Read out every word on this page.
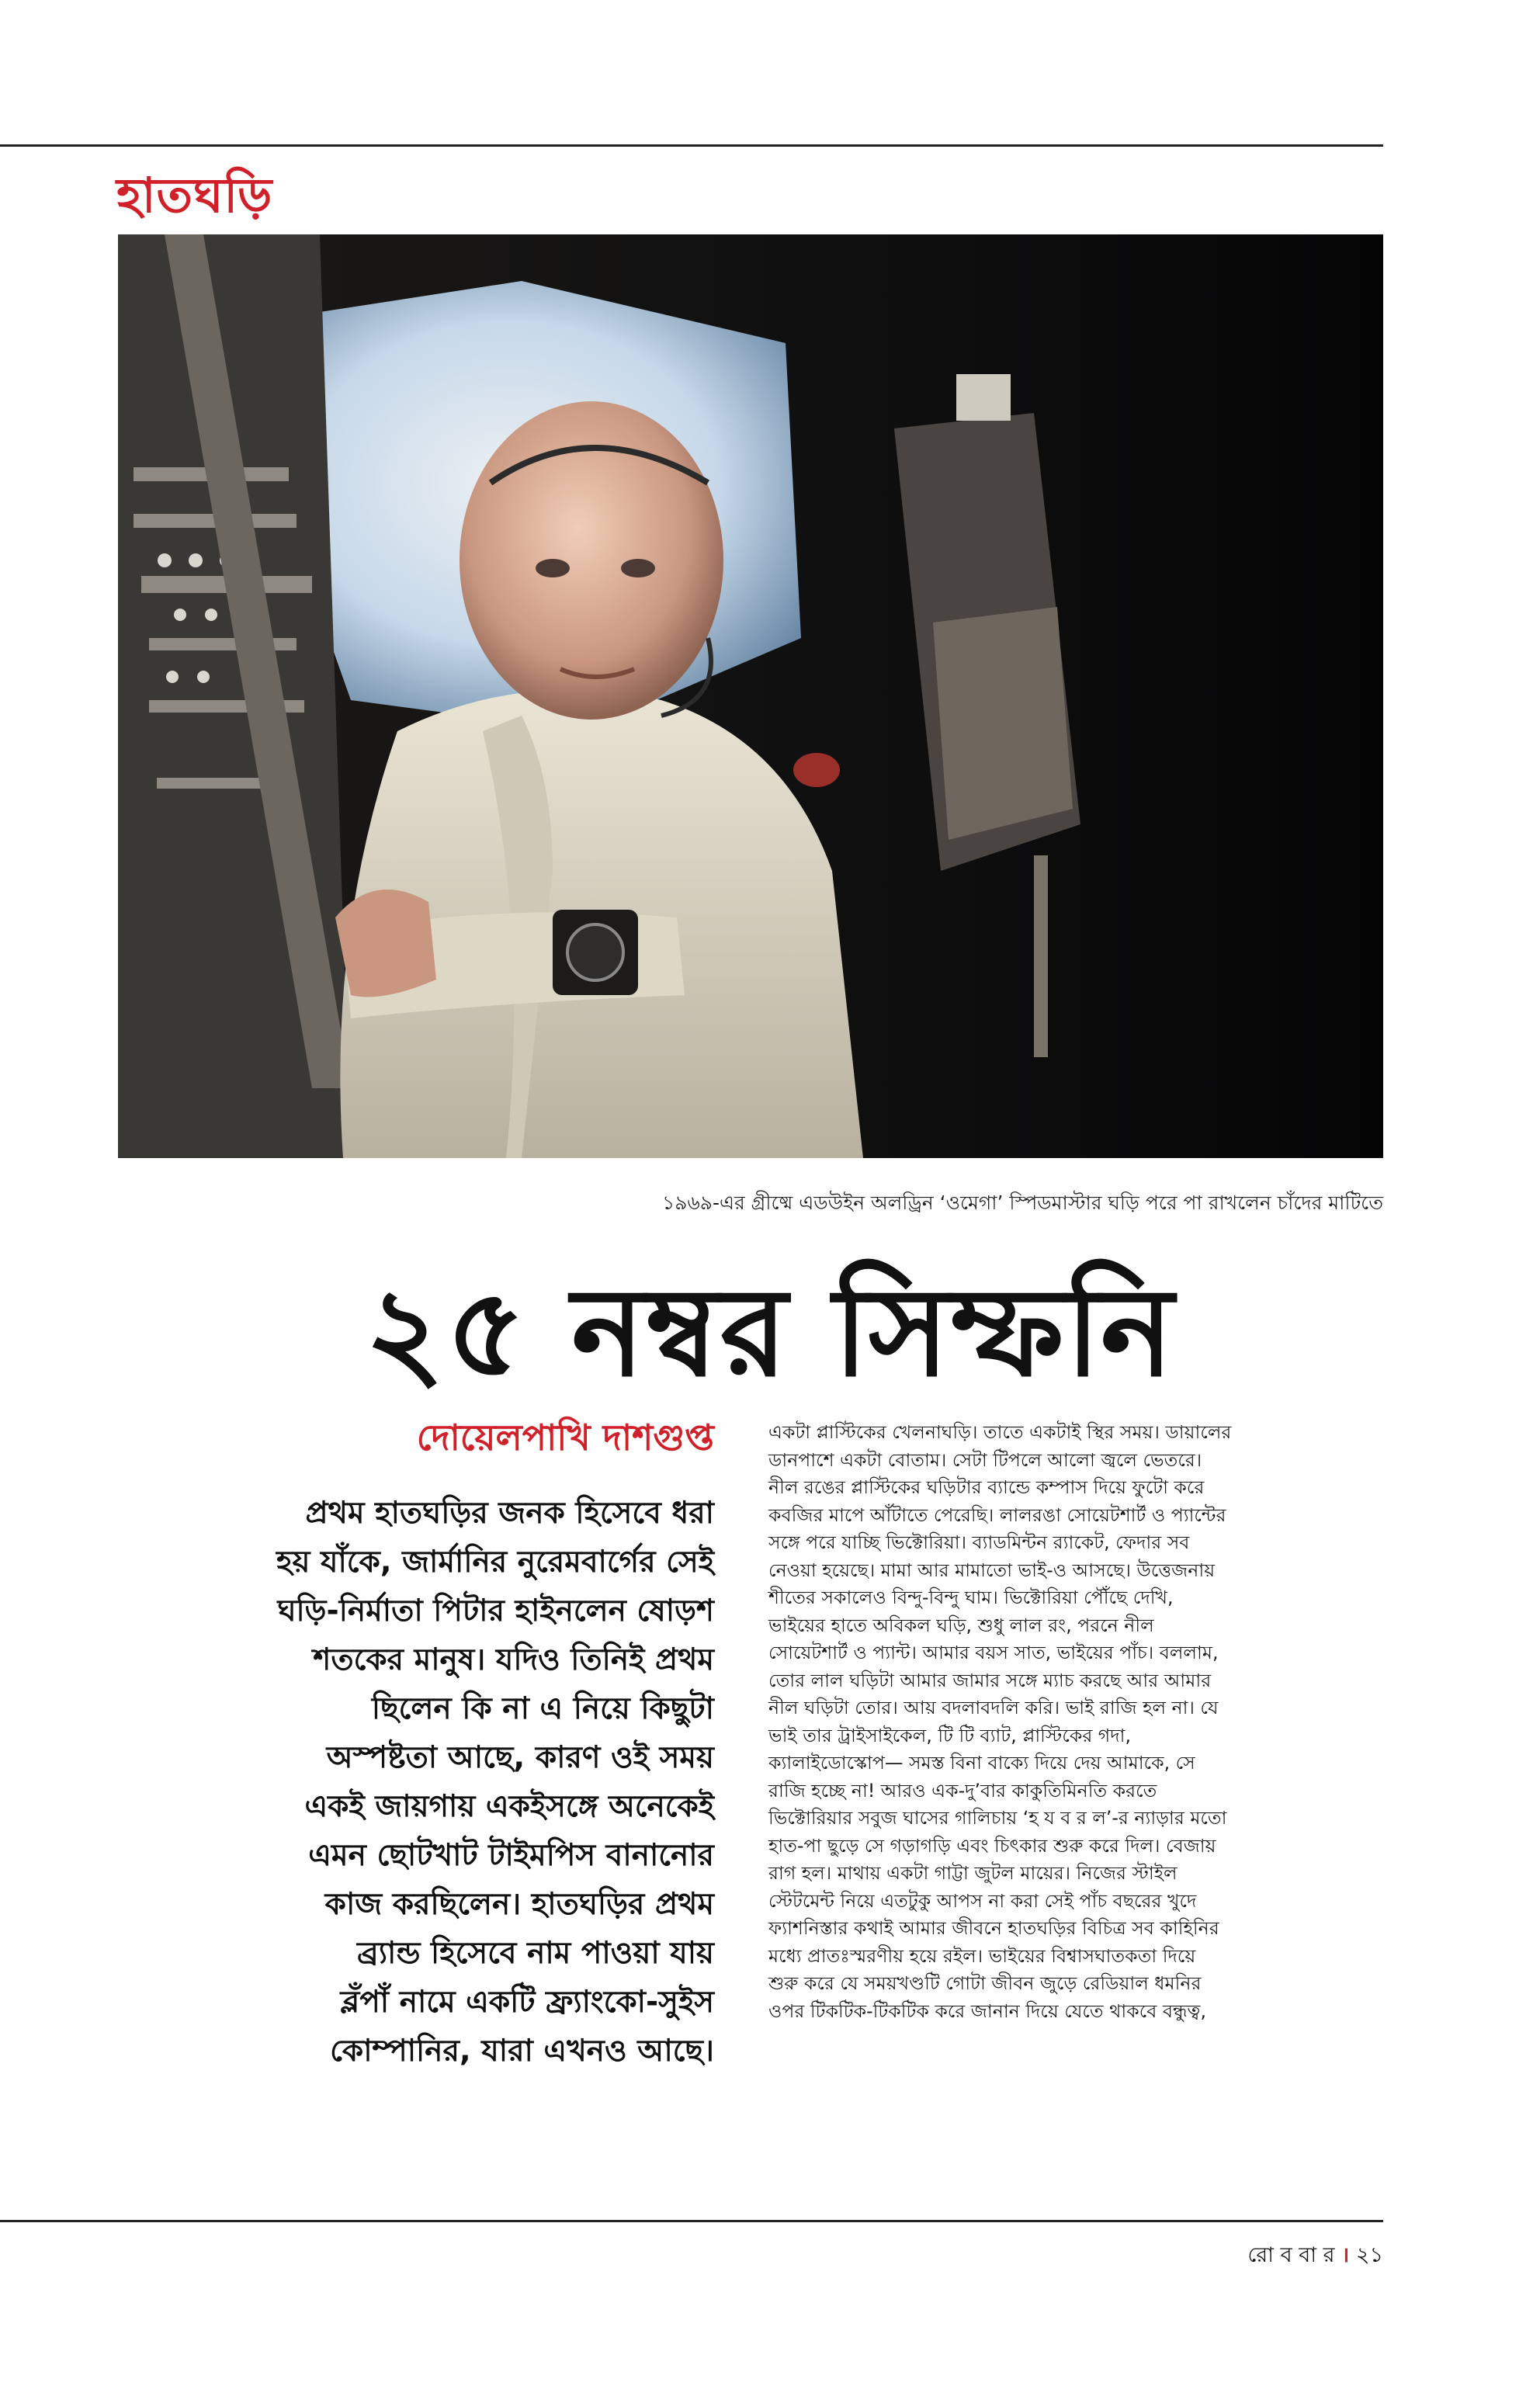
হাতঘড়ি
১৯৬৯-এর গ্রীষ্মে এডউইন অলড্রিন ‘ওমেগা’ স্পিডমাস্টার ঘড়ি পরে পা রাখলেন চাঁদের মাটিতে
২৫ নম্বর সিম্ফনি
দোয়েলপাখি দাশগুপ্ত
প্রথম হাতঘড়ির জনক হিসেবে ধরা
হয় যাঁকে, জার্মানির নুরেমবার্গের সেই
ঘড়ি-নির্মাতা পিটার হাইনলেন ষোড়শ
শতকের মানুষ। যদিও তিনিই প্রথম
ছিলেন কি না এ নিয়ে কিছুটা
অস্পষ্টতা আছে, কারণ ওই সময়
একই জায়গায় একইসঙ্গে অনেকেই
এমন ছোটখাট টাইমপিস বানানোর
কাজ করছিলেন। হাতঘড়ির প্রথম
ব্র্যান্ড হিসেবে নাম পাওয়া যায়
ব্লঁপাঁ নামে একটি ফ্র্যাংকো-সুইস
কোম্পানির, যারা এখনও আছে।
একটা প্লাস্টিকের খেলনাঘড়ি। তাতে একটাই স্থির সময়। ডায়ালের
ডানপাশে একটা বোতাম। সেটা টিপলে আলো জ্বলে ভেতরে।
নীল রঙের প্লাস্টিকের ঘড়িটার ব্যান্ডে কম্পাস দিয়ে ফুটো করে
কবজির মাপে আঁটাতে পেরেছি। লালরঙা সোয়েটশার্ট ও প্যান্টের
সঙ্গে পরে যাচ্ছি ভিক্টোরিয়া। ব্যাডমিন্টন র‍্যাকেট, ফেদার সব
নেওয়া হয়েছে। মামা আর মামাতো ভাই-ও আসছে। উত্তেজনায়
শীতের সকালেও বিন্দু-বিন্দু ঘাম। ভিক্টোরিয়া পৌঁছে দেখি,
ভাইয়ের হাতে অবিকল ঘড়ি, শুধু লাল রং, পরনে নীল
সোয়েটশার্ট ও প্যান্ট। আমার বয়স সাত, ভাইয়ের পাঁচ। বললাম,
তোর লাল ঘড়িটা আমার জামার সঙ্গে ম্যাচ করছে আর আমার
নীল ঘড়িটা তোর। আয় বদলাবদলি করি। ভাই রাজি হল না। যে
ভাই তার ট্রাইসাইকেল, টি টি ব্যাট, প্লাস্টিকের গদা,
ক্যালাইডোস্কোপ— সমস্ত বিনা বাক্যে দিয়ে দেয় আমাকে, সে
রাজি হচ্ছে না! আরও এক-দু’বার কাকুতিমিনতি করতে
ভিক্টোরিয়ার সবুজ ঘাসের গালিচায় ‘হ য ব র ল’-র ন্যাড়ার মতো
হাত-পা ছুড়ে সে গড়াগড়ি এবং চিৎকার শুরু করে দিল। বেজায়
রাগ হল। মাথায় একটা গাট্টা জুটল মায়ের। নিজের স্টাইল
স্টেটমেন্ট নিয়ে এতটুকু আপস না করা সেই পাঁচ বছরের খুদে
ফ্যাশনিস্তার কথাই আমার জীবনে হাতঘড়ির বিচিত্র সব কাহিনির
মধ্যে প্রাতঃস্মরণীয় হয়ে রইল। ভাইয়ের বিশ্বাসঘাতকতা দিয়ে
শুরু করে যে সময়খণ্ডটি গোটা জীবন জুড়ে রেডিয়াল ধমনির
ওপর টিকটিক-টিকটিক করে জানান দিয়ে যেতে থাকবে বন্ধুত্ব,
রো ব বা র । ২১
